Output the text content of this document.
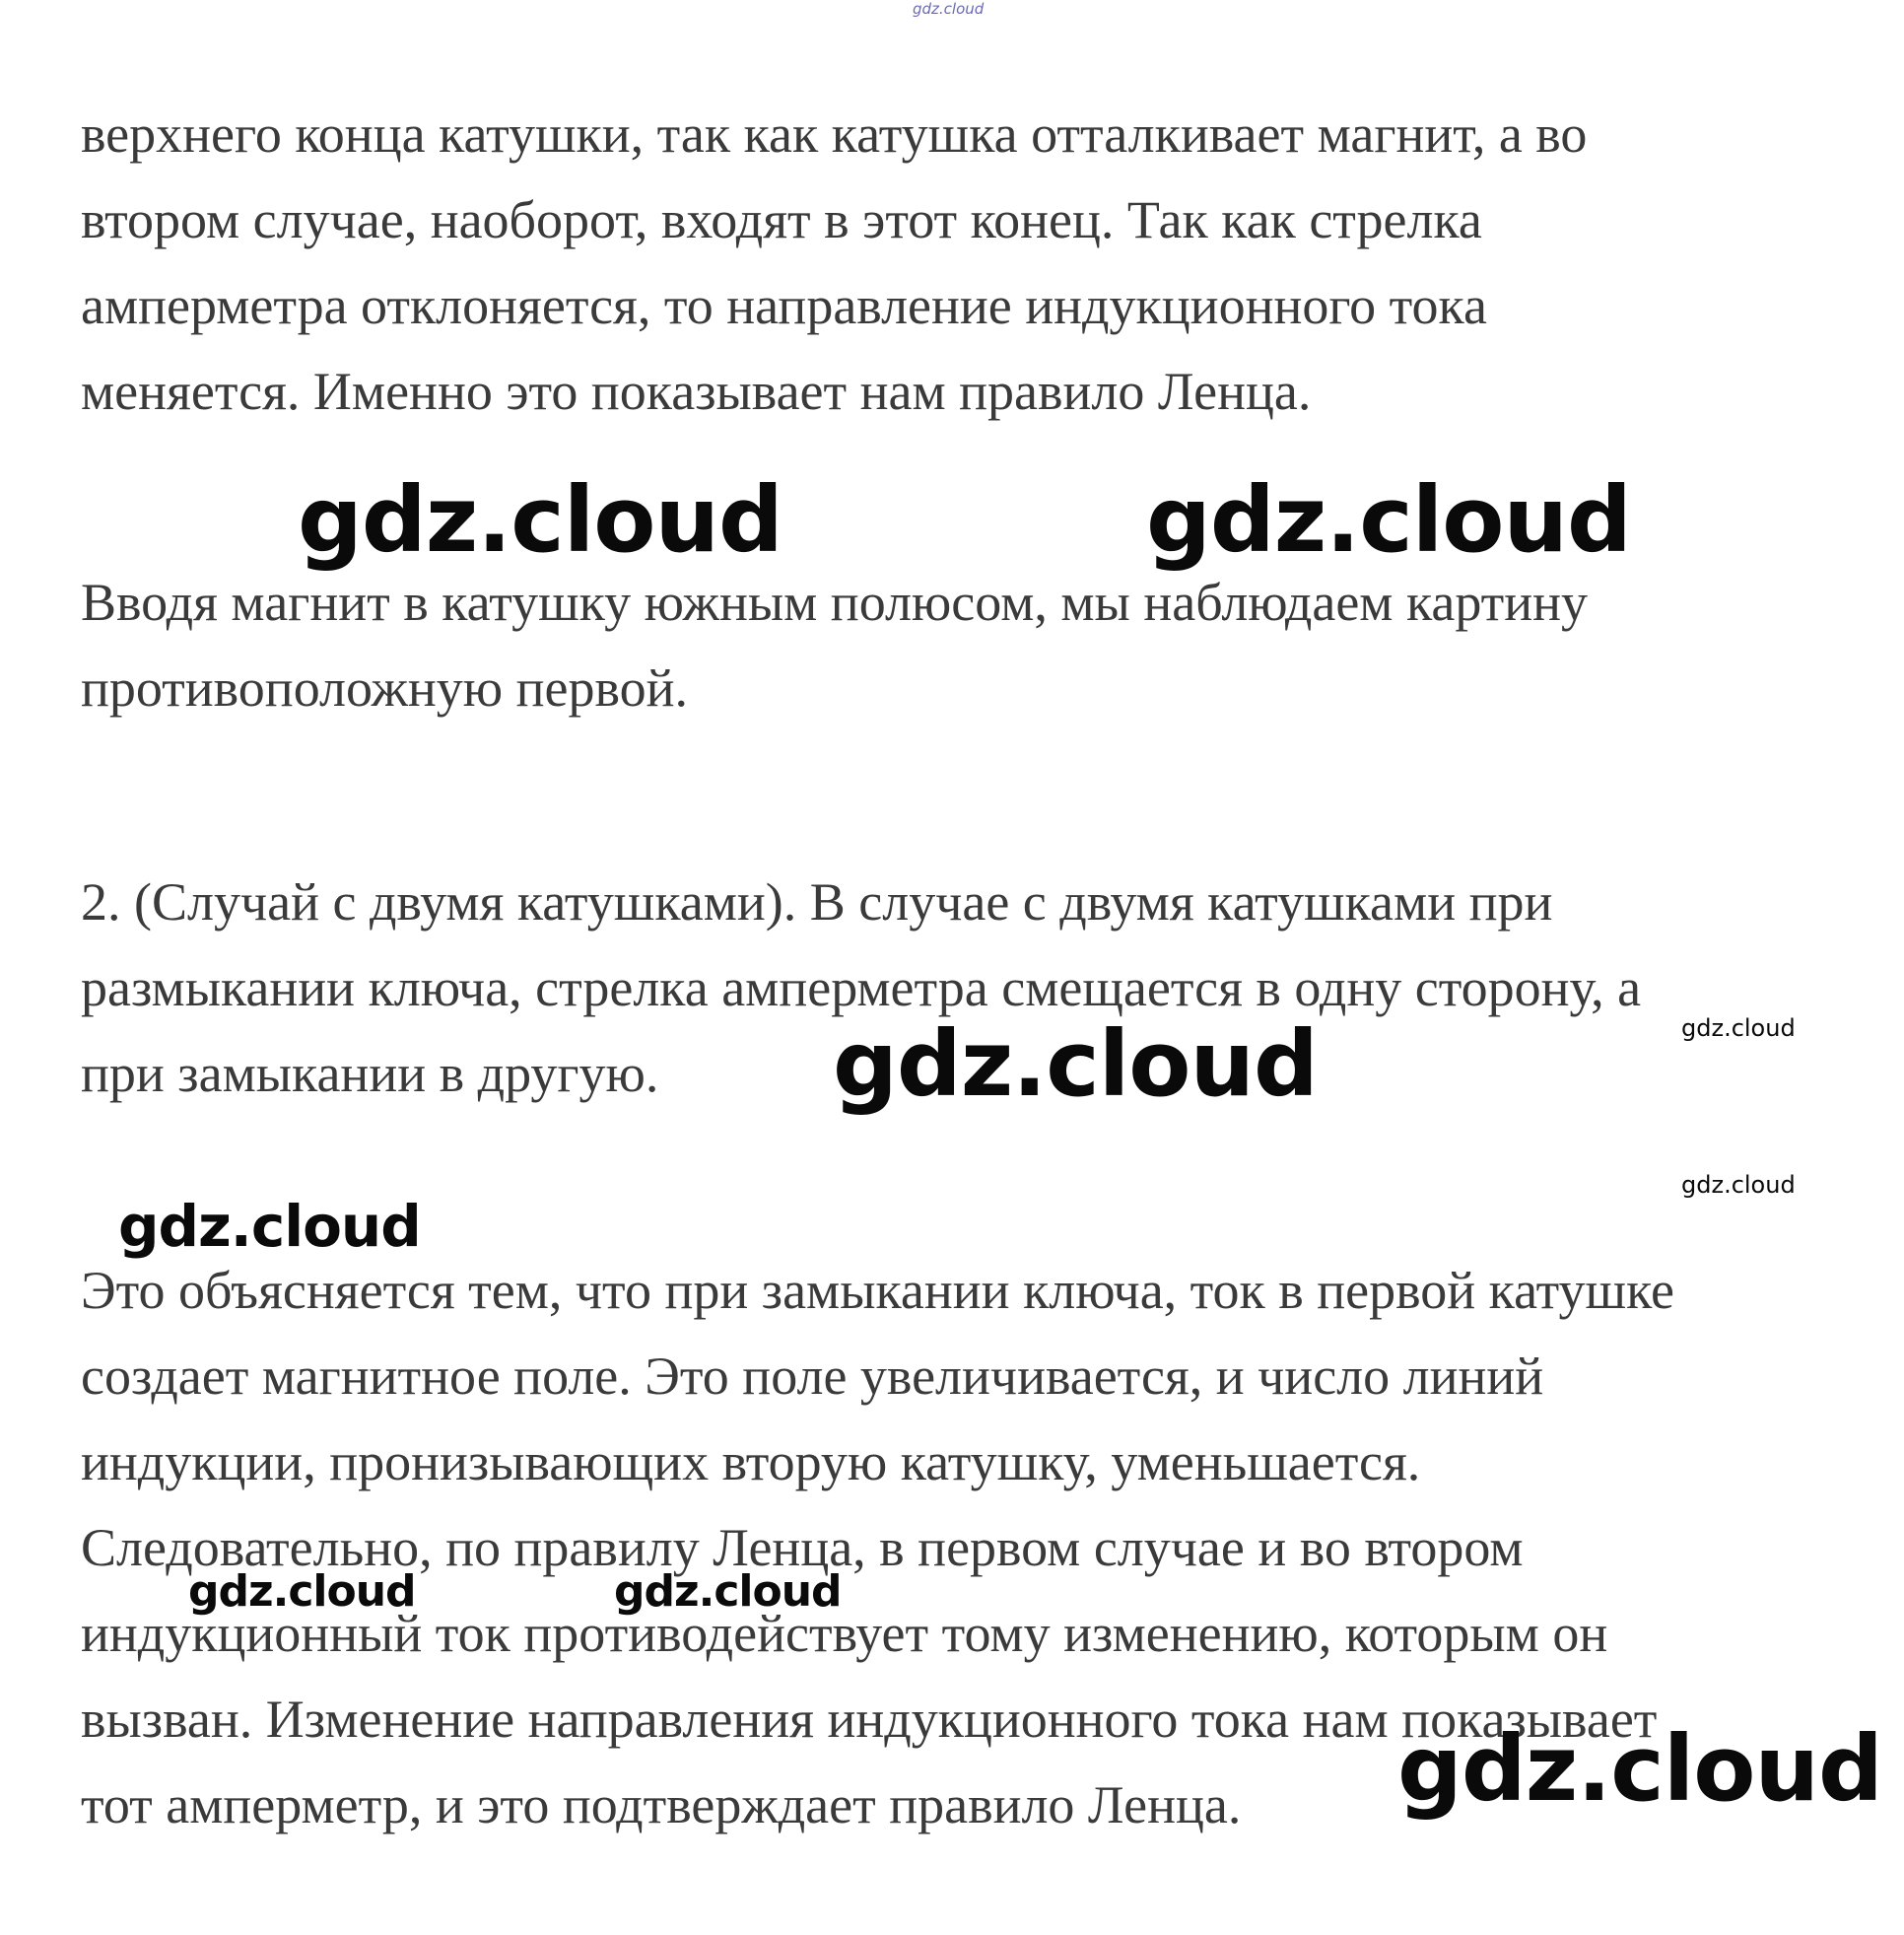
gdz.cloud

верхнего конца катушки, так как катушка отталкивает магнит, а во

втором случае, наоборот, входят в этот конец. Так как стрелка

амперметра отклоняется, то направление индукционного тока

меняется. Именно это показывает нам правило Ленца.

gdz.cloud	gdz.cloud

Вводя магнит в катушку южным полюсом, мы наблюдаем картину

противоположную первой.

2. (Случай с двумя катушками). В случае с двумя катушками при

размыкании ключа, стрелка амперметра смещается в одну сторону, а

при замыкании в другую.

gdz.cloud
gdz.cloud
gdz.cloud
gdz.cloud

Это объясняется тем, что при замыкании ключа, ток в первой катушке

создает магнитное поле. Это поле увеличивается, и число линий

индукции, пронизывающих вторую катушку, уменьшается.

Следовательно, по правилу Ленца, в первом случае и во втором

индукционный ток противодействует тому изменению, которым он

вызван. Изменение направления индукционного тока нам показывает

тот амперметр, и это подтверждает правило Ленца.

gdz.cloud	gdz.cloud
gdz.cloud
